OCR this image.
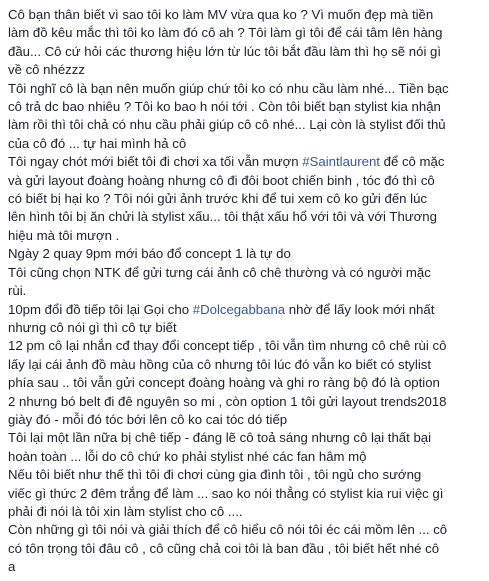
Cô bạn thân biết vì sao tôi ko làm MV vừa qua ko ? Vì muốn đẹp mà tiền
làm đồ kêu mắc thì tôi ko làm đó cô ah ? Tôi làm gì tôi để cái tâm lên hàng
đầu... Cô cứ hỏi các thương hiệu lớn từ lúc tôi bắt đầu làm thì họ sẽ nói gì
về cô nhézzz

Tôi nghĩ cô là bạn nên muốn giúp chứ tôi ko có nhu cầu làm nhé... Tiền bạc
cô trả dc bao nhiêu ? Tôi ko bao h nói tới . Còn tôi biết bạn stylist kia nhận
làm rồi thì tôi chả có nhu cầu phải giúp cô cô nhé... Lại còn là stylist đối thủ
của cô đó ... tự hai mình hả cô

Tôi ngay chót mới biết tôi đi chơi xa tối vẫn mượn #Saintlaurent để cô mặc
và gửi layout đoàng hoàng nhưng cô đi đôi boot chiến binh , tóc đó thì cô
có biết bị hại ko ? Tôi nói gửi ảnh trước khi để tui xem cô ko gửi đến lúc
lên hình tôi bị ăn chửi là stylist xấu... tôi thật xấu hổ với tôi và với Thương
hiệu mà tôi mượn .

Ngày 2 quay 9pm mới báo đổ concept 1 là tự do

Tôi cũng chọn NTK để gửi tưng cái ảnh cô chê thường và có người mặc
rùi.

10pm đổi đồ tiếp tôi lại Gọi cho #Dolcegabbana nhờ để lấy look mới nhất
nhưng cô nói gì thì cô tự biết

12 pm cô lại nhắn cđ thay đổi concept tiếp , tôi vẫn tìm nhưng cô chê rùi cô
lấy lại cái ảnh đồ màu hồng của cô nhưng tôi lúc đó vẫn ko biết có stylist
phía sau .. tôi vẫn gửi concept đoàng hoàng và ghi ro ràng bộ đó là option
2 nhưng bó belt đi đê nguyên so mi , còn option 1 tôi gửi layout trends2018
giày đó - mỗi đó tóc bới lên cô ko cai tóc dó tiếp

Tôi lại một lần nữa bị chê tiếp - đáng lẽ cô toả sáng nhưng cô lại thất bại
hoàn toàn ... lỗi do cô chứ ko phải stylist nhé các fan hâm mộ

Nếu tôi biết như thế thì tôi đi chơi cùng gia đình tôi , tôi ngủ cho sướng
viếc gì thức 2 đêm trắng để làm ... sao ko nói thẳng có stylist kia rui việc gì
phải đi nói là tôi xin làm stylist cho cô ....

Còn những gì tôi nói và giải thích để cô hiểu cô nói tôi éc cái mồm lên ... cô
có tôn trọng tôi đâu cô , cô cũng chả coi tôi là ban đầu , tôi biết hết nhé cô
a
